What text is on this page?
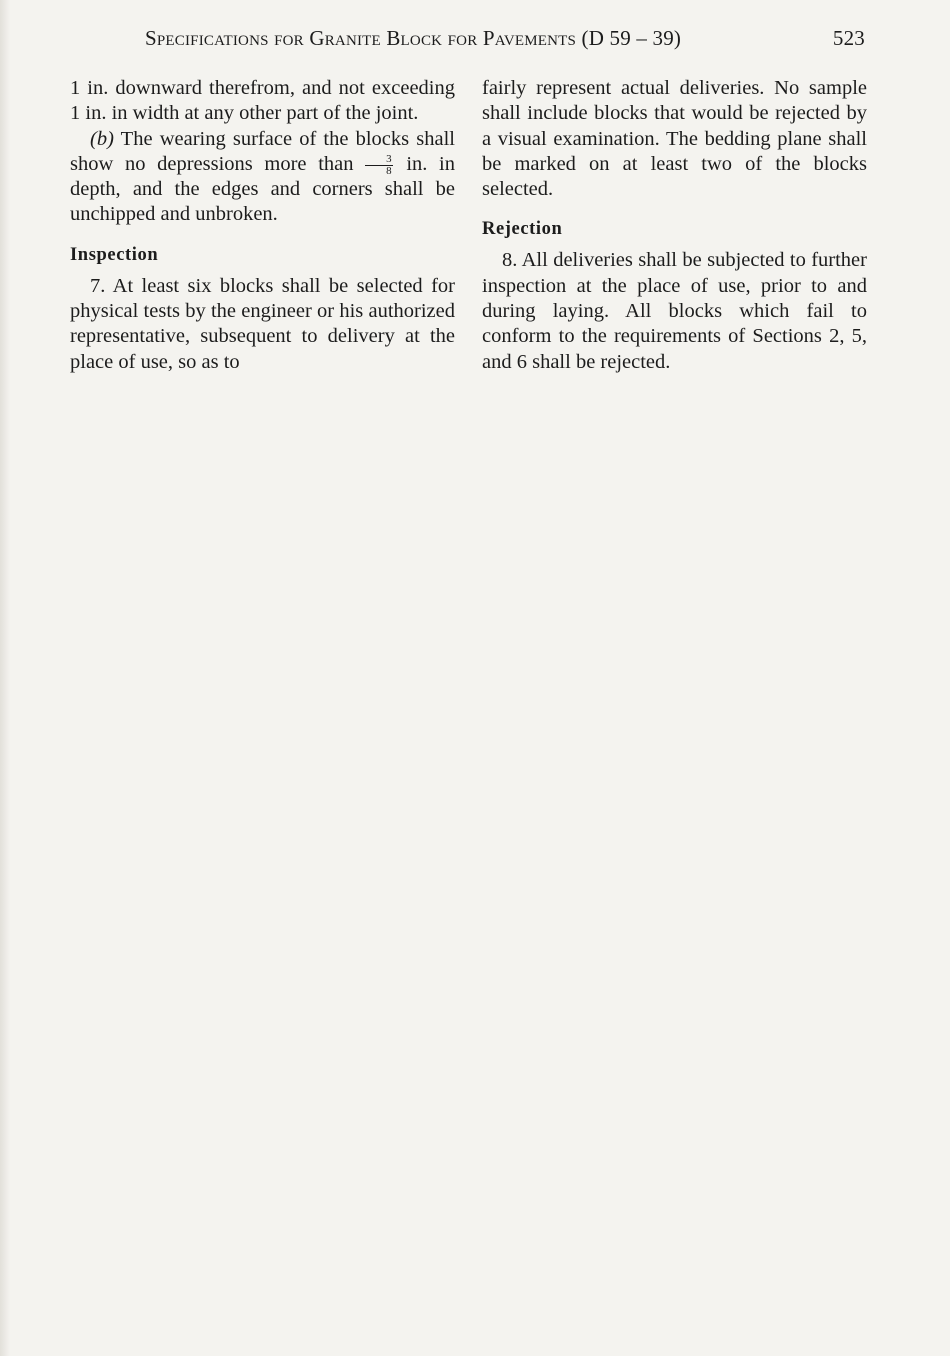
Specifications for Granite Block for Pavements (D 59 – 39)	523

1 in. downward therefrom, and not exceeding 1 in. in width at any other part of the joint.

(b) The wearing surface of the blocks shall show no depressions more than $\frac{3}{8}$ in. in depth, and the edges and corners shall be unchipped and unbroken.

Inspection

7. At least six blocks shall be selected for physical tests by the engineer or his authorized representative, subsequent to delivery at the place of use, so as to

fairly represent actual deliveries. No sample shall include blocks that would be rejected by a visual examination. The bedding plane shall be marked on at least two of the blocks selected.

Rejection

8. All deliveries shall be subjected to further inspection at the place of use, prior to and during laying. All blocks which fail to conform to the requirements of Sections 2, 5, and 6 shall be rejected.
